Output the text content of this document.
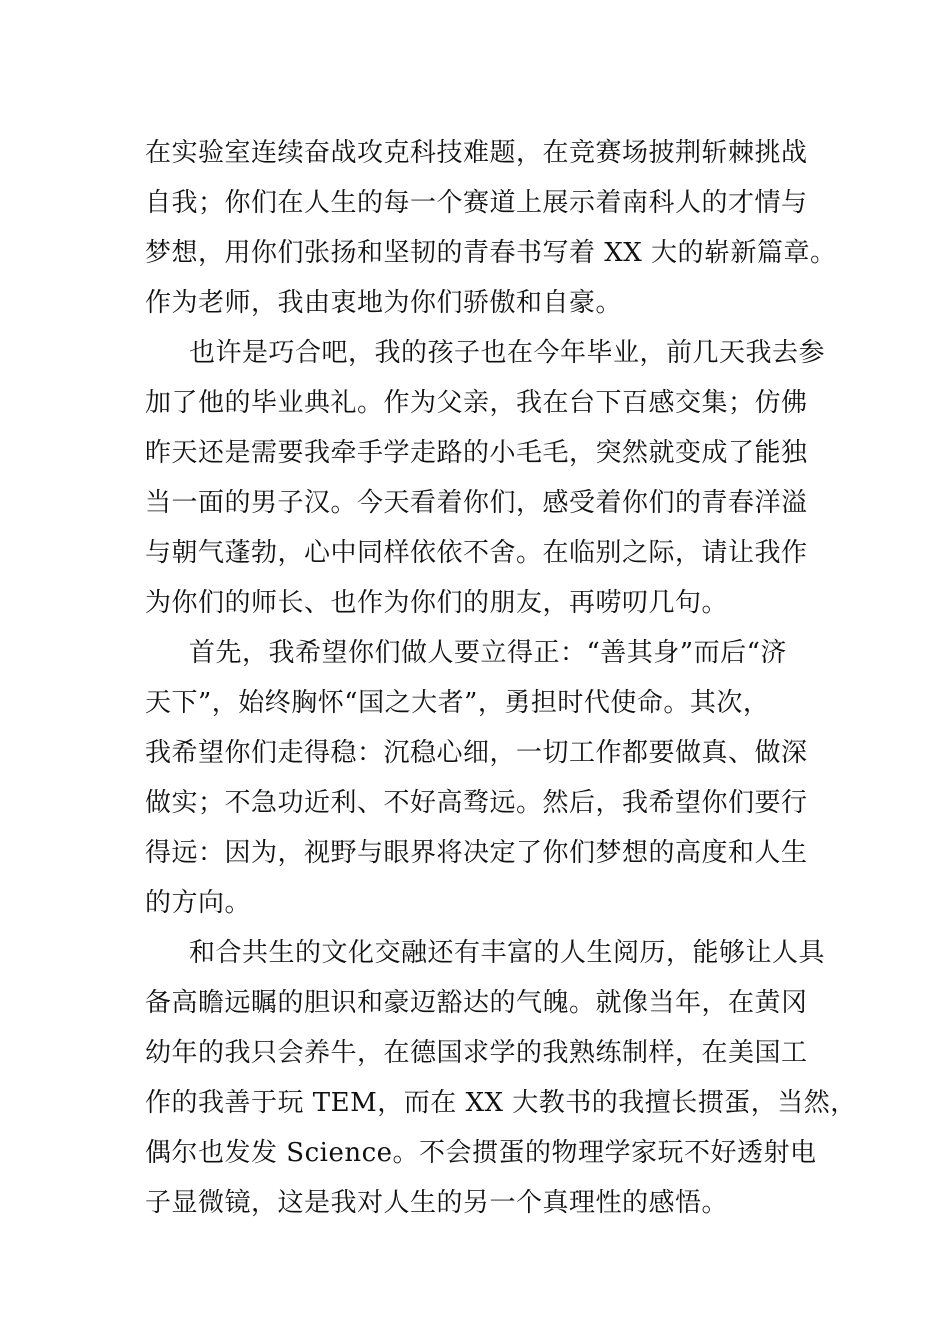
在实验室连续奋战攻克科技难题，在竞赛场披荆斩棘挑战
自我；你们在人生的每一个赛道上展示着南科人的才情与
梦想，用你们张扬和坚韧的青春书写着 XX 大的崭新篇章。
作为老师，我由衷地为你们骄傲和自豪。
也许是巧合吧，我的孩子也在今年毕业，前几天我去参
加了他的毕业典礼。作为父亲，我在台下百感交集；仿佛
昨天还是需要我牵手学走路的小毛毛，突然就变成了能独
当一面的男子汉。今天看着你们，感受着你们的青春洋溢
与朝气蓬勃，心中同样依依不舍。在临别之际，请让我作
为你们的师长、也作为你们的朋友，再唠叨几句。
首先，我希望你们做人要立得正：“善其身”而后“济
天下”，始终胸怀“国之大者”，勇担时代使命。其次，
我希望你们走得稳：沉稳心细，一切工作都要做真、做深
做实；不急功近利、不好高骛远。然后，我希望你们要行
得远：因为，视野与眼界将决定了你们梦想的高度和人生
的方向。
和合共生的文化交融还有丰富的人生阅历，能够让人具
备高瞻远瞩的胆识和豪迈豁达的气魄。就像当年，在黄冈
幼年的我只会养牛，在德国求学的我熟练制样，在美国工
作的我善于玩 TEM，而在 XX 大教书的我擅长掼蛋，当然，
偶尔也发发 Science。不会掼蛋的物理学家玩不好透射电
子显微镜，这是我对人生的另一个真理性的感悟。
